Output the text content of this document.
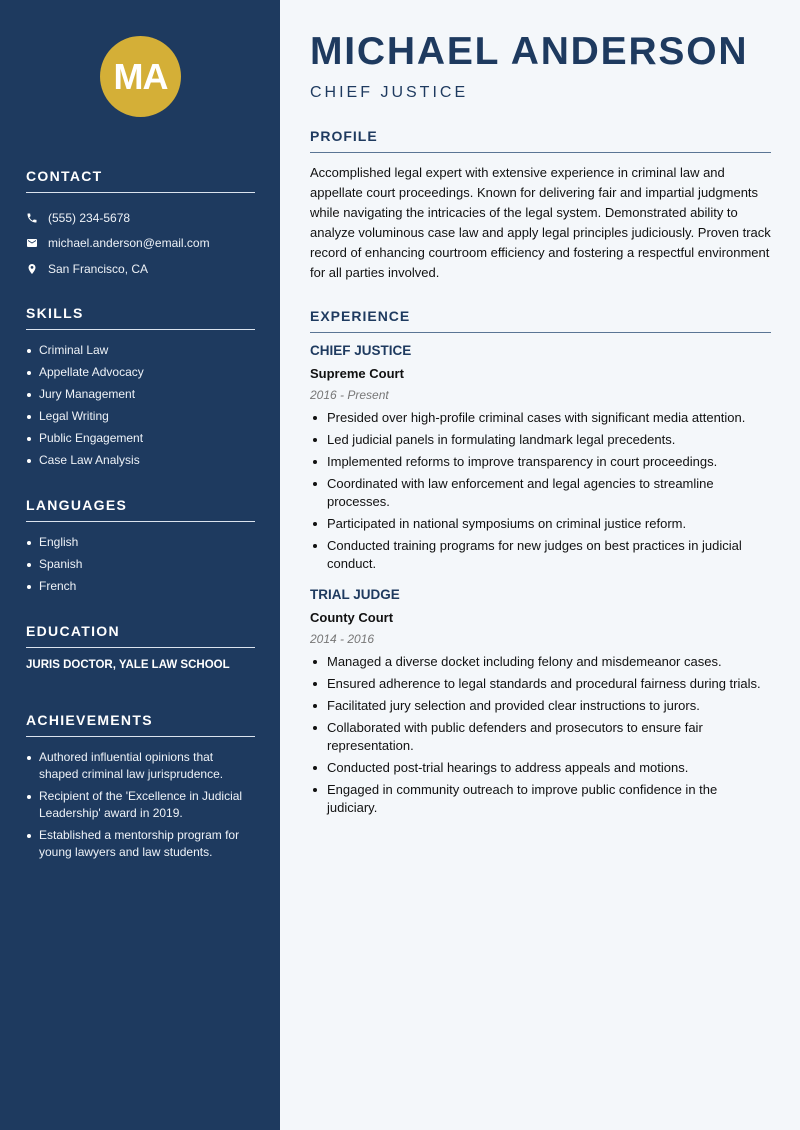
MA
CONTACT
(555) 234-5678
michael.anderson@email.com
San Francisco, CA
SKILLS
Criminal Law
Appellate Advocacy
Jury Management
Legal Writing
Public Engagement
Case Law Analysis
LANGUAGES
English
Spanish
French
EDUCATION
JURIS DOCTOR, YALE LAW SCHOOL
ACHIEVEMENTS
Authored influential opinions that shaped criminal law jurisprudence.
Recipient of the 'Excellence in Judicial Leadership' award in 2019.
Established a mentorship program for young lawyers and law students.
MICHAEL ANDERSON
CHIEF JUSTICE
PROFILE
Accomplished legal expert with extensive experience in criminal law and appellate court proceedings. Known for delivering fair and impartial judgments while navigating the intricacies of the legal system. Demonstrated ability to analyze voluminous case law and apply legal principles judiciously. Proven track record of enhancing courtroom efficiency and fostering a respectful environment for all parties involved.
EXPERIENCE
CHIEF JUSTICE
Supreme Court
2016 - Present
Presided over high-profile criminal cases with significant media attention.
Led judicial panels in formulating landmark legal precedents.
Implemented reforms to improve transparency in court proceedings.
Coordinated with law enforcement and legal agencies to streamline processes.
Participated in national symposiums on criminal justice reform.
Conducted training programs for new judges on best practices in judicial conduct.
TRIAL JUDGE
County Court
2014 - 2016
Managed a diverse docket including felony and misdemeanor cases.
Ensured adherence to legal standards and procedural fairness during trials.
Facilitated jury selection and provided clear instructions to jurors.
Collaborated with public defenders and prosecutors to ensure fair representation.
Conducted post-trial hearings to address appeals and motions.
Engaged in community outreach to improve public confidence in the judiciary.
